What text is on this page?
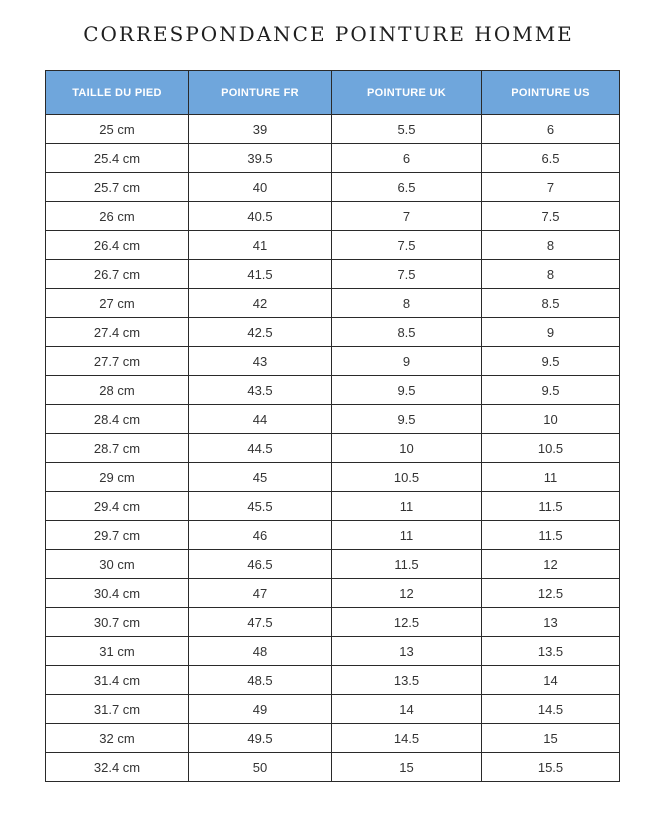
CORRESPONDANCE POINTURE HOMME
TAILLE DU PIED	POINTURE FR	POINTURE UK	POINTURE US
25 cm	39	5.5	6
25.4 cm	39.5	6	6.5
25.7 cm	40	6.5	7
26 cm	40.5	7	7.5
26.4 cm	41	7.5	8
26.7 cm	41.5	7.5	8
27 cm	42	8	8.5
27.4 cm	42.5	8.5	9
27.7 cm	43	9	9.5
28 cm	43.5	9.5	9.5
28.4 cm	44	9.5	10
28.7 cm	44.5	10	10.5
29 cm	45	10.5	11
29.4 cm	45.5	11	11.5
29.7 cm	46	11	11.5
30 cm	46.5	11.5	12
30.4 cm	47	12	12.5
30.7 cm	47.5	12.5	13
31 cm	48	13	13.5
31.4 cm	48.5	13.5	14
31.7 cm	49	14	14.5
32 cm	49.5	14.5	15
32.4 cm	50	15	15.5
